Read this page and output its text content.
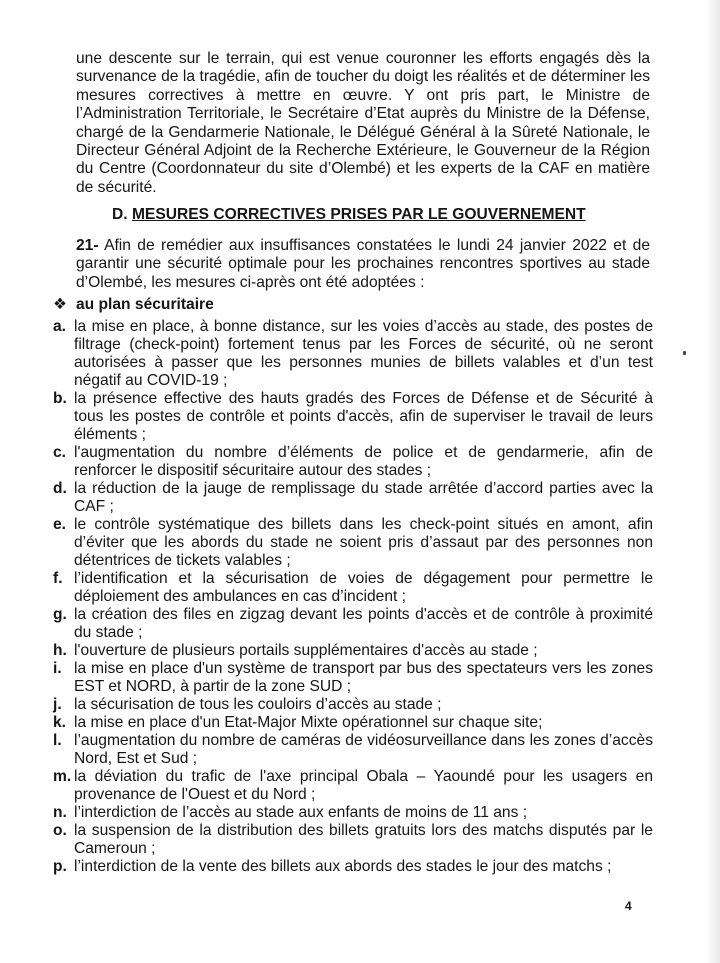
une descente sur le terrain, qui est venue couronner les efforts engagés dès la survenance de la tragédie, afin de toucher du doigt les réalités et de déterminer les mesures correctives à mettre en œuvre. Y ont pris part, le Ministre de l’Administration Territoriale, le Secrétaire d’Etat auprès du Ministre de la Défense, chargé de la Gendarmerie Nationale, le Délégué Général à la Sûreté Nationale, le Directeur Général Adjoint de la Recherche Extérieure, le Gouverneur de la Région du Centre (Coordonnateur du site d’Olembé) et les experts de la CAF en matière de sécurité.

D. MESURES CORRECTIVES PRISES PAR LE GOUVERNEMENT

21- Afin de remédier aux insuffisances constatées le lundi 24 janvier 2022 et de garantir une sécurité optimale pour les prochaines rencontres sportives au stade d’Olembé, les mesures ci-après ont été adoptées :

❖ au plan sécuritaire
a. la mise en place, à bonne distance, sur les voies d’accès au stade, des postes de filtrage (check-point) fortement tenus par les Forces de sécurité, où ne seront autorisées à passer que les personnes munies de billets valables et d’un test négatif au COVID-19 ;
b. la présence effective des hauts gradés des Forces de Défense et de Sécurité à tous les postes de contrôle et points d'accès, afin de superviser le travail de leurs éléments ;
c. l'augmentation du nombre d’éléments de police et de gendarmerie, afin de renforcer le dispositif sécuritaire autour des stades ;
d. la réduction de la jauge de remplissage du stade arrêtée d’accord parties avec la CAF ;
e. le contrôle systématique des billets dans les check-point situés en amont, afin d’éviter que les abords du stade ne soient pris d’assaut par des personnes non détentrices de tickets valables ;
f. l’identification et la sécurisation de voies de dégagement pour permettre le déploiement des ambulances en cas d’incident ;
g. la création des files en zigzag devant les points d'accès et de contrôle à proximité du stade ;
h. l'ouverture de plusieurs portails supplémentaires d'accès au stade ;
i. la mise en place d'un système de transport par bus des spectateurs vers les zones EST et NORD, à partir de la zone SUD ;
j. la sécurisation de tous les couloirs d’accès au stade ;
k. la mise en place d'un Etat-Major Mixte opérationnel sur chaque site;
l. l’augmentation du nombre de caméras de vidéosurveillance dans les zones d’accès Nord, Est et Sud ;
m. la déviation du trafic de l'axe principal Obala – Yaoundé pour les usagers en provenance de l'Ouest et du Nord ;
n. l’interdiction de l’accès au stade aux enfants de moins de 11 ans ;
o. la suspension de la distribution des billets gratuits lors des matchs disputés par le Cameroun ;
p. l’interdiction de la vente des billets aux abords des stades le jour des matchs ;
4
